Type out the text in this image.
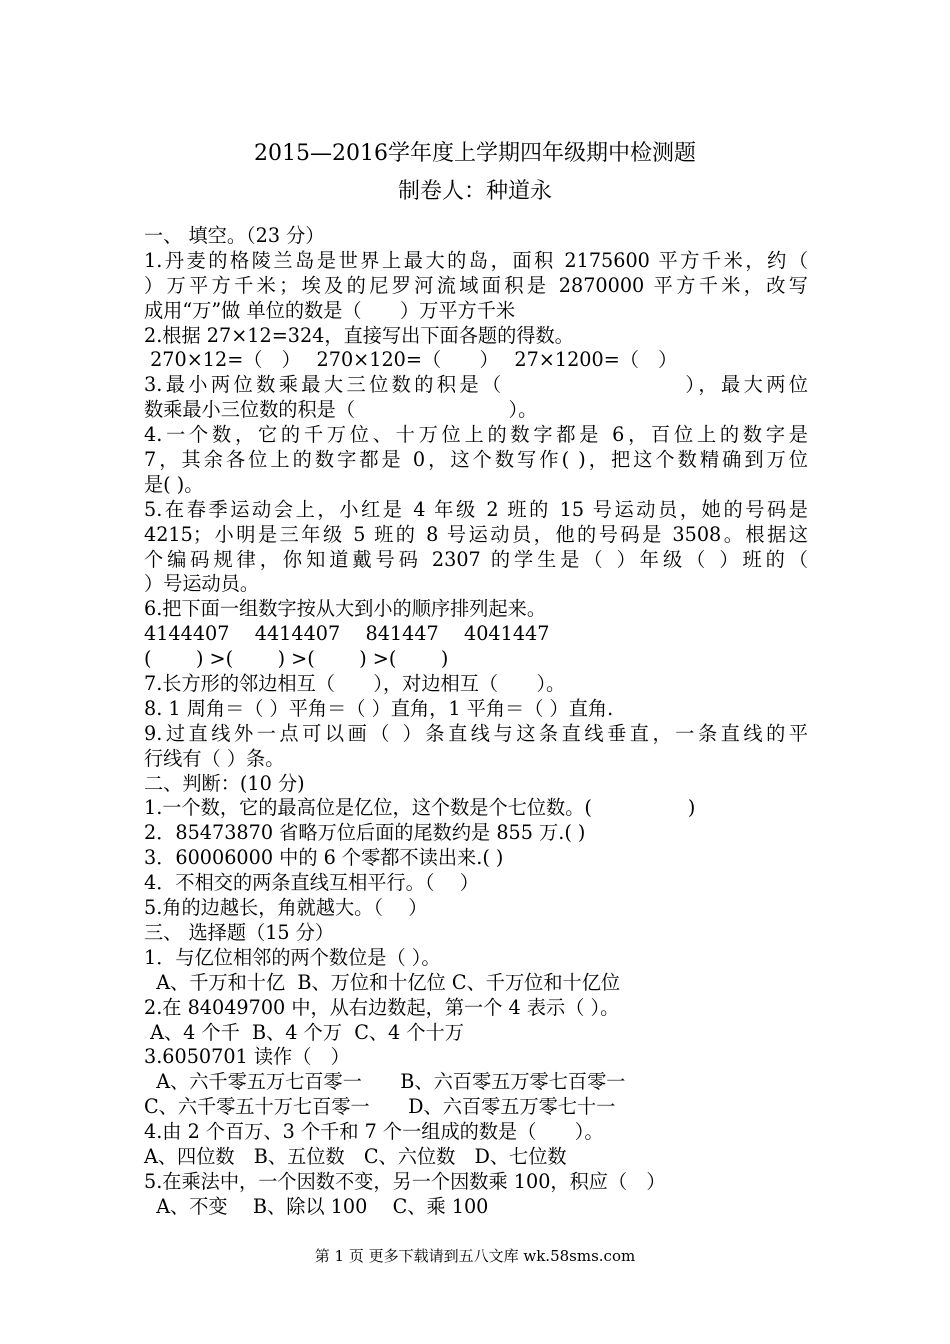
2015—2016学年度上学期四年级期中检测题
制卷人：种道永
一、 填空。（23 分）
1.丹麦的格陵兰岛是世界上最大的岛，面积 2175600 平方千米，约（
）万平方千米；埃及的尼罗河流域面积是 2870000 平方千米，改写
成用“万”做 单位的数是（　　）万平方千米
2.根据 27×12=324，直接写出下面各题的得数。
270×12=（　）　 270×120=（　　）　 27×1200=（　）
3.最小两位数乘最大三位数的积是（　　　　　　　　），最大两位
数乘最小三位数的积是（　　　　　　　　）。
4.一个数，它的千万位、十万位上的数字都是 6，百位上的数字是
7，其余各位上的数字都是 0，这个数写作( )，把这个数精确到万位
是( )。
5.在春季运动会上，小红是 4 年级 2 班的 15 号运动员，她的号码是
4215；小明是三年级 5 班的 8 号运动员，他的号码是 3508。根据这
个编码规律，你知道戴号码 2307 的学生是（ ）年级（ ）班的（
）号运动员。
6.把下面一组数字按从大到小的顺序排列起来。
4144407　 4414407　 841447　 4041447
(　　 ) >(　　 ) >(　　 ) >(　　 )
7.长方形的邻边相互（　　），对边相互（　　）。
8. 1 周角＝（ ）平角＝（ ）直角，1 平角＝（ ）直角.
9.过直线外一点可以画（ ）条直线与这条直线垂直，一条直线的平
行线有（ ）条。
二、判断：(10 分)
1.一个数，它的最高位是亿位，这个数是个七位数。(　　　　　)
2．85473870 省略万位后面的尾数约是 855 万.( )
3．60006000 中的 6 个零都不读出来.( )
4．不相交的两条直线互相平行。（　 ）
5.角的边越长，角就越大。（　 ）
三、 选择题（15 分）
1．与亿位相邻的两个数位是（ ）。
A、千万和十亿  B、万位和十亿位 C、千万位和十亿位
2.在 84049700 中，从右边数起，第一个 4 表示（ ）。
A、4 个千  B、4 个万  C、4 个十万
3.6050701 读作（　）
A、六千零五万七百零一　　B、六百零五万零七百零一
C、六千零五十万七百零一　　D、六百零五万零七十一
4.由 2 个百万、3 个千和 7 个一组成的数是（　　）。
A、四位数　B、五位数　C、六位数　D、七位数
5.在乘法中，一个因数不变，另一个因数乘 100，积应（　）
A、不变　 B、除以 100　 C、乘 100
第 1 页 更多下载请到五八文库 wk.58sms.com
